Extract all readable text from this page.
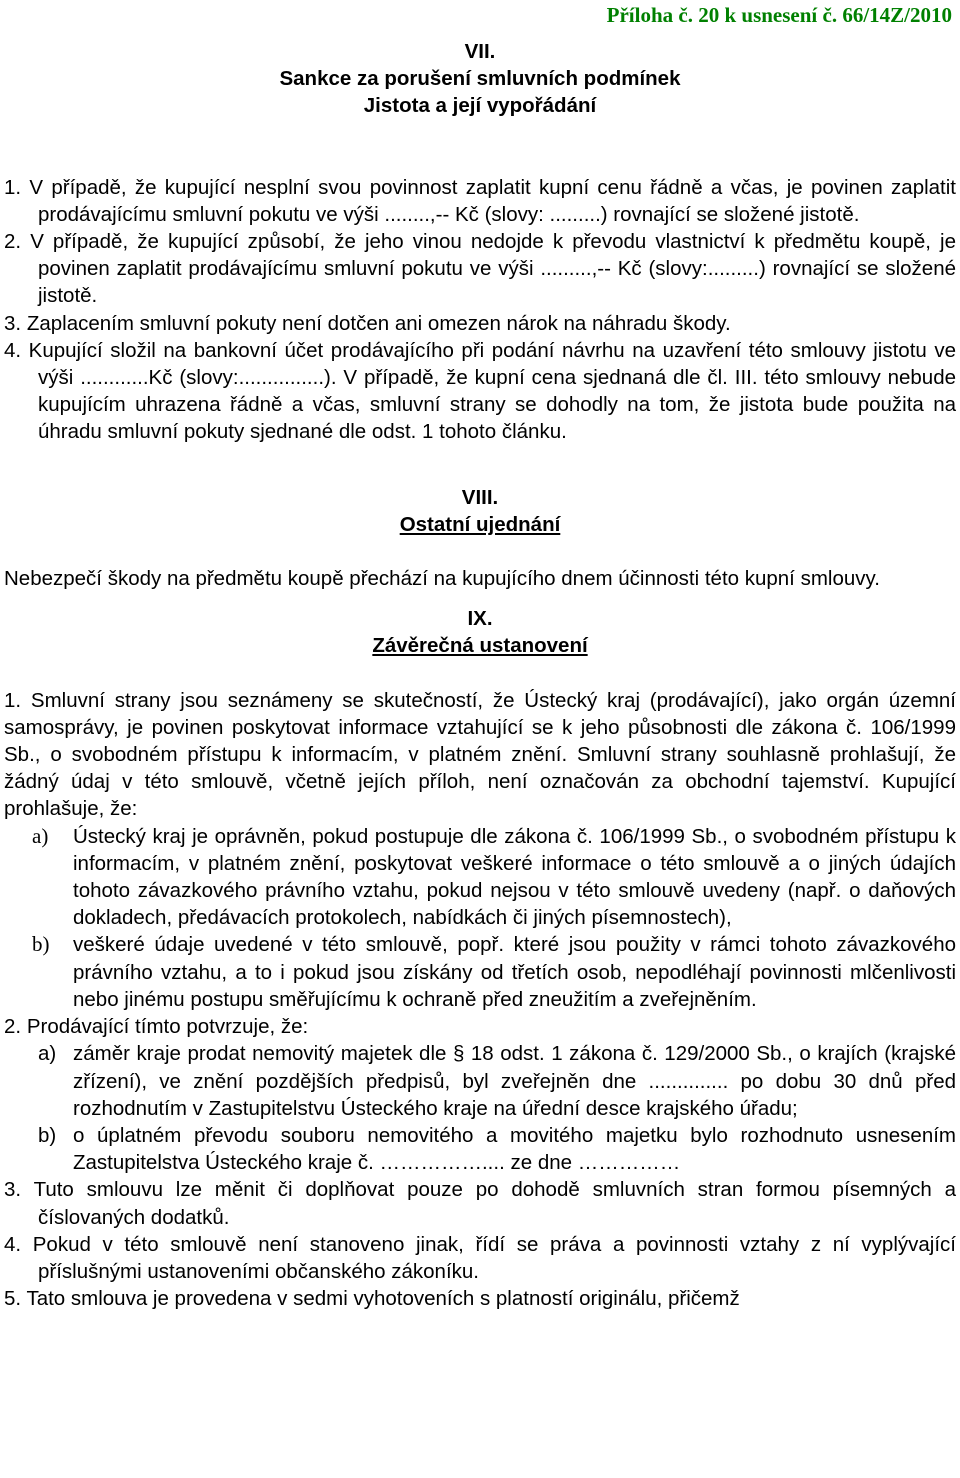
Příloha č. 20 k usnesení č. 66/14Z/2010
VII.
Sankce za porušení smluvních podmínek
Jistota a její vypořádání
1. V případě, že kupující nesplní svou povinnost zaplatit kupní cenu řádně a včas, je povinen zaplatit prodávajícímu smluvní pokutu ve výši ........,-- Kč (slovy: .........) rovnající se složené jistotě.
2. V případě, že kupující způsobí, že jeho vinou nedojde k převodu vlastnictví k předmětu koupě, je povinen zaplatit prodávajícímu smluvní pokutu ve výši .........,-- Kč (slovy:.........) rovnající se složené jistotě.
3. Zaplacením smluvní pokuty není dotčen ani omezen nárok na náhradu škody.
4. Kupující složil na bankovní účet prodávajícího při podání návrhu na uzavření této smlouvy jistotu ve výši ............Kč (slovy:...............). V případě, že kupní cena sjednaná dle čl. III. této smlouvy nebude kupujícím uhrazena řádně a včas, smluvní strany se dohodly na tom, že jistota bude použita na úhradu smluvní pokuty sjednané dle odst. 1 tohoto článku.
VIII.
Ostatní ujednání

Nebezpečí škody na předmětu koupě přechází na kupujícího dnem účinnosti této kupní smlouvy.

IX.
Závěrečná ustanovení

1. Smluvní strany jsou seznámeny se skutečností, že Ústecký kraj (prodávající), jako orgán územní samosprávy, je povinen poskytovat informace vztahující se k jeho působnosti dle zákona č. 106/1999 Sb., o svobodném přístupu k informacím, v platném znění. Smluvní strany souhlasně prohlašují, že žádný údaj v této smlouvě, včetně jejích příloh, není označován za obchodní tajemství. Kupující prohlašuje, že:

a)	Ústecký kraj je oprávněn, pokud postupuje dle zákona č. 106/1999 Sb., o svobodném přístupu k informacím, v platném znění, poskytovat veškeré informace o této smlouvě a o jiných údajích tohoto závazkového právního vztahu, pokud nejsou v této smlouvě uvedeny (např. o daňových dokladech, předávacích protokolech, nabídkách či jiných písemnostech),
b)	veškeré údaje uvedené v této smlouvě, popř. které jsou použity v rámci tohoto závazkového právního vztahu, a to i pokud jsou získány od třetích osob, nepodléhají povinnosti mlčenlivosti nebo jinému postupu směřujícímu k ochraně před zneužitím a zveřejněním.

2. Prodávající tímto potvrzuje, že:

a) záměr kraje prodat nemovitý majetek dle § 18 odst. 1 zákona č. 129/2000 Sb., o krajích (krajské zřízení), ve znění pozdějších předpisů, byl zveřejněn dne .............. po dobu 30 dnů před rozhodnutím v Zastupitelstvu Ústeckého kraje na úřední desce krajského úřadu;
b) o úplatném převodu souboru nemovitého a movitého majetku bylo rozhodnuto usnesením Zastupitelstva Ústeckého kraje č. …………….... ze dne ……………
3. Tuto smlouvu lze měnit či doplňovat pouze po dohodě smluvních stran formou písemných a číslovaných dodatků.
4. Pokud v této smlouvě není stanoveno jinak, řídí se práva a povinnosti vztahy z ní vyplývající příslušnými ustanoveními občanského zákoníku.
5. Tato smlouva je provedena v sedmi vyhotoveních s platností originálu, přičemž
